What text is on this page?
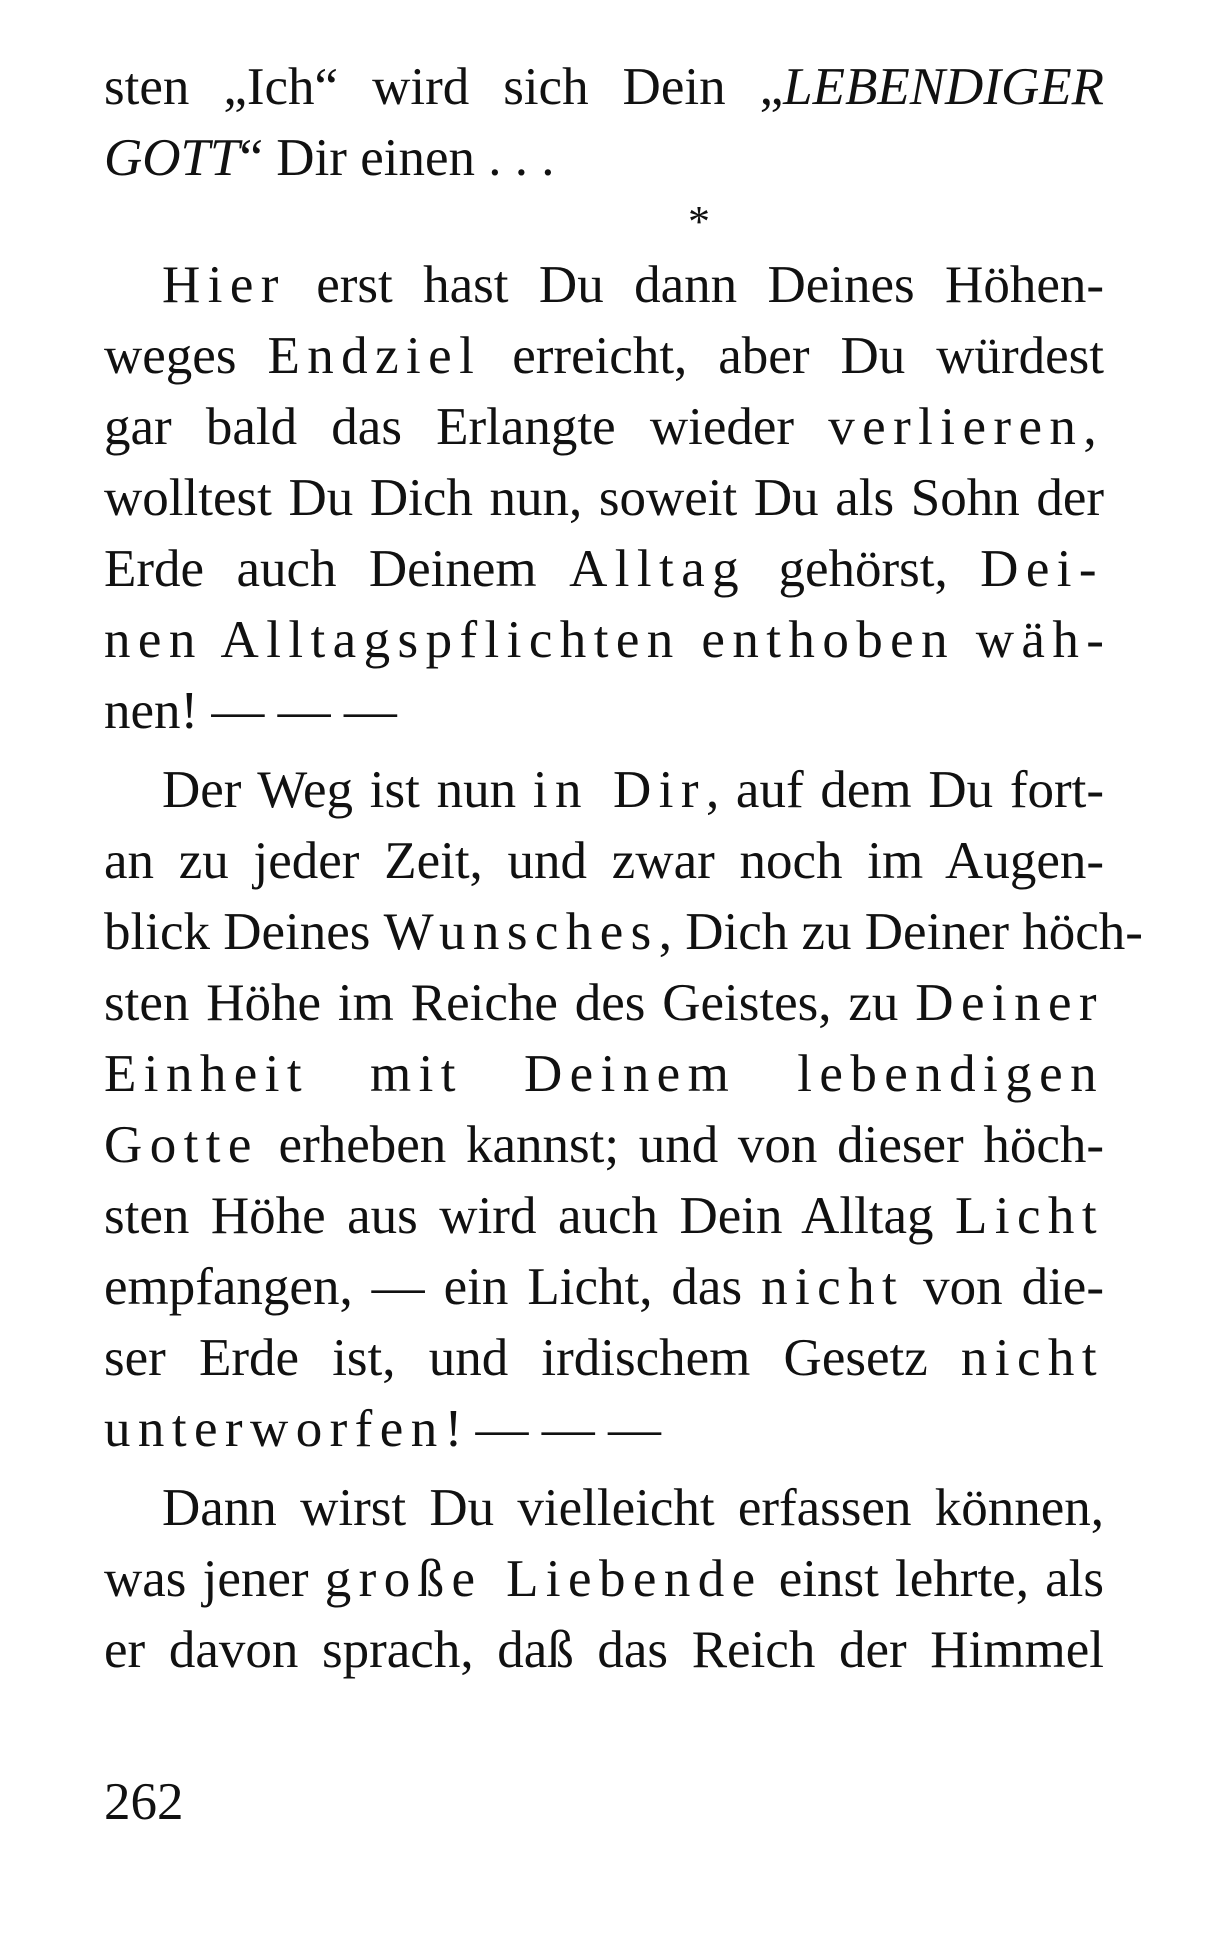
sten „Ich“ wird sich Dein „LEBENDIGER
GOTT“ Dir einen . . .
*
Hier erst hast Du dann Deines Höhen-
weges Endziel erreicht, aber Du würdest
gar bald das Erlangte wieder verlieren,
wolltest Du Dich nun, soweit Du als Sohn der
Erde auch Deinem Alltag gehörst, Dei-
nen Alltagspflichten enthoben wäh-
nen! — — —
Der Weg ist nun in Dir, auf dem Du fort-
an zu jeder Zeit, und zwar noch im Augen-
blick Deines Wunsches, Dich zu Deiner höch-
sten Höhe im Reiche des Geistes, zu Deiner
Einheit mit Deinem lebendigen
Gotte erheben kannst; und von dieser höch-
sten Höhe aus wird auch Dein Alltag Licht
empfangen, — ein Licht, das nicht von die-
ser Erde ist, und irdischem Gesetz nicht
unterworfen! — — —
Dann wirst Du vielleicht erfassen können,
was jener große Liebende einst lehrte, als
er davon sprach, daß das Reich der Himmel
262
